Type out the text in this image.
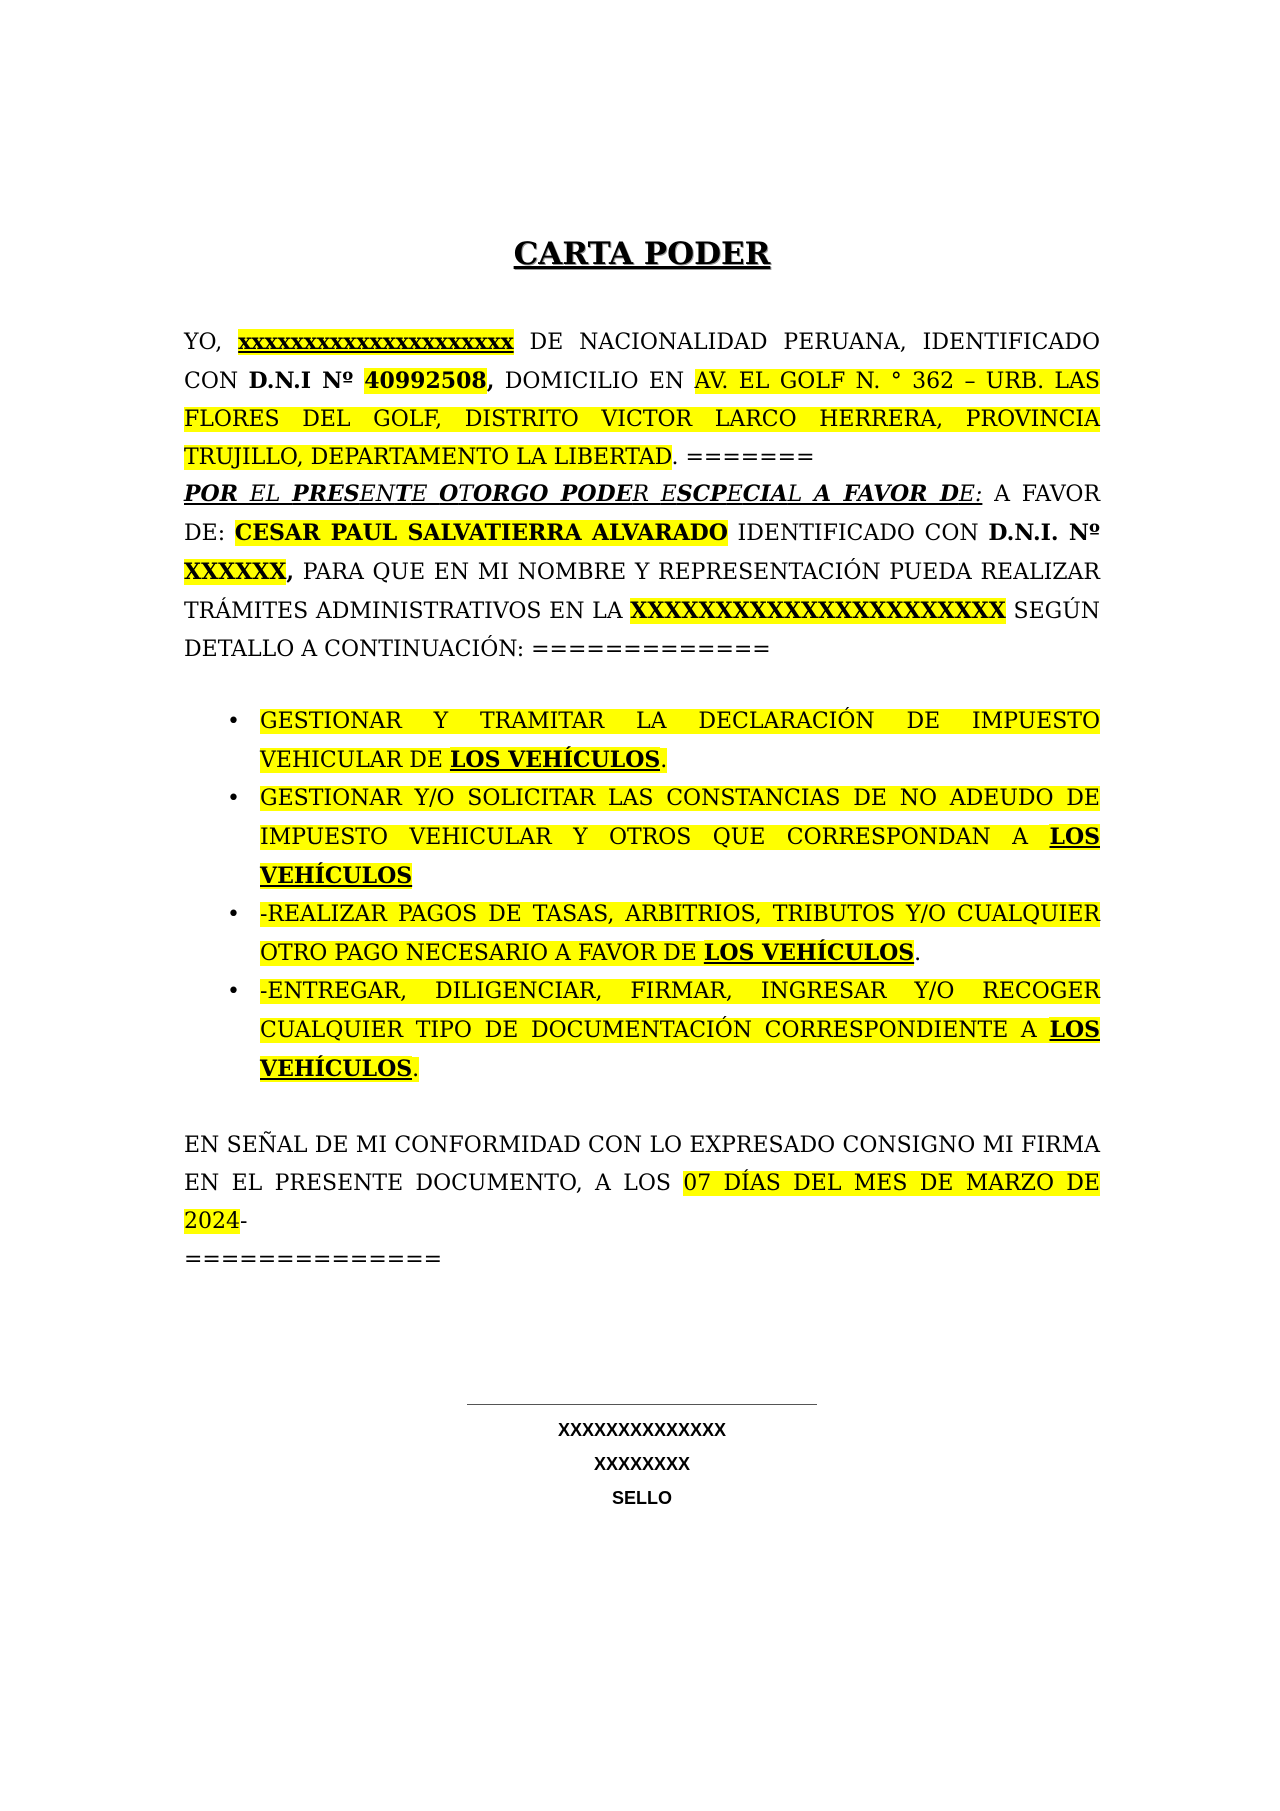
CARTA PODER

YO, xxxxxxxxxxxxxxxxxxxxx DE NACIONALIDAD PERUANA, IDENTIFICADO CON D.N.I Nº 40992508, DOMICILIO EN AV. EL GOLF N. ° 362 – URB. LAS FLORES DEL GOLF, DISTRITO VICTOR LARCO HERRERA, PROVINCIA TRUJILLO, DEPARTAMENTO LA LIBERTAD. =======

POR EL PRESENTE OTORGO PODER ESCPECIAL A FAVOR DE: A FAVOR DE: CESAR PAUL SALVATIERRA ALVARADO IDENTIFICADO CON D.N.I. Nº XXXXXX, PARA QUE EN MI NOMBRE Y REPRESENTACIÓN PUEDA REALIZAR TRÁMITES ADMINISTRATIVOS EN LA XXXXXXXXXXXXXXXXXXXXXX SEGÚN DETALLO A CONTINUACIÓN: =============

• GESTIONAR Y TRAMITAR LA DECLARACIÓN DE IMPUESTO VEHICULAR DE LOS VEHÍCULOS.
• GESTIONAR Y/O SOLICITAR LAS CONSTANCIAS DE NO ADEUDO DE IMPUESTO VEHICULAR Y OTROS QUE CORRESPONDAN A LOS VEHÍCULOS
• -REALIZAR PAGOS DE TASAS, ARBITRIOS, TRIBUTOS Y/O CUALQUIER OTRO PAGO NECESARIO A FAVOR DE LOS VEHÍCULOS.
• -ENTREGAR, DILIGENCIAR, FIRMAR, INGRESAR Y/O RECOGER CUALQUIER TIPO DE DOCUMENTACIÓN CORRESPONDIENTE A LOS VEHÍCULOS.

EN SEÑAL DE MI CONFORMIDAD CON LO EXPRESADO CONSIGNO MI FIRMA EN EL PRESENTE DOCUMENTO, A LOS 07 DÍAS DEL MES DE MARZO DE 2024-
==============

XXXXXXXXXXXXXX
XXXXXXXX
SELLO
